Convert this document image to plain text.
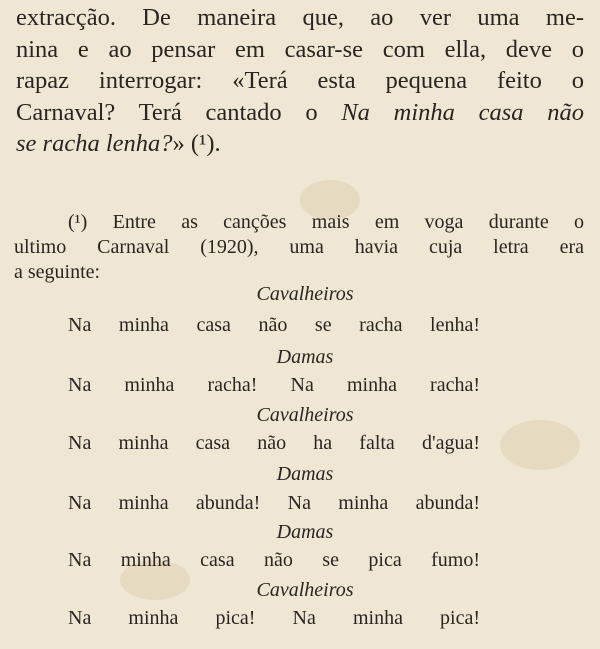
extracção. De maneira que, ao ver uma me-
nina e ao pensar em casar-se com ella, deve o
rapaz interrogar: «Terá esta pequena feito o
Carnaval? Terá cantado o Na minha casa não
se racha lenha?» (¹).
(¹) Entre as canções mais em voga durante o
ultimo Carnaval (1920), uma havia cuja letra era
a seguinte:
Cavalheiros
Na minha casa não se racha lenha!
Damas
Na minha racha! Na minha racha!
Cavalheiros
Na minha casa não ha falta d'agua!
Damas
Na minha abunda! Na minha abunda!
Damas
Na minha casa não se pica fumo!
Cavalheiros
Na minha pica! Na minha pica!
